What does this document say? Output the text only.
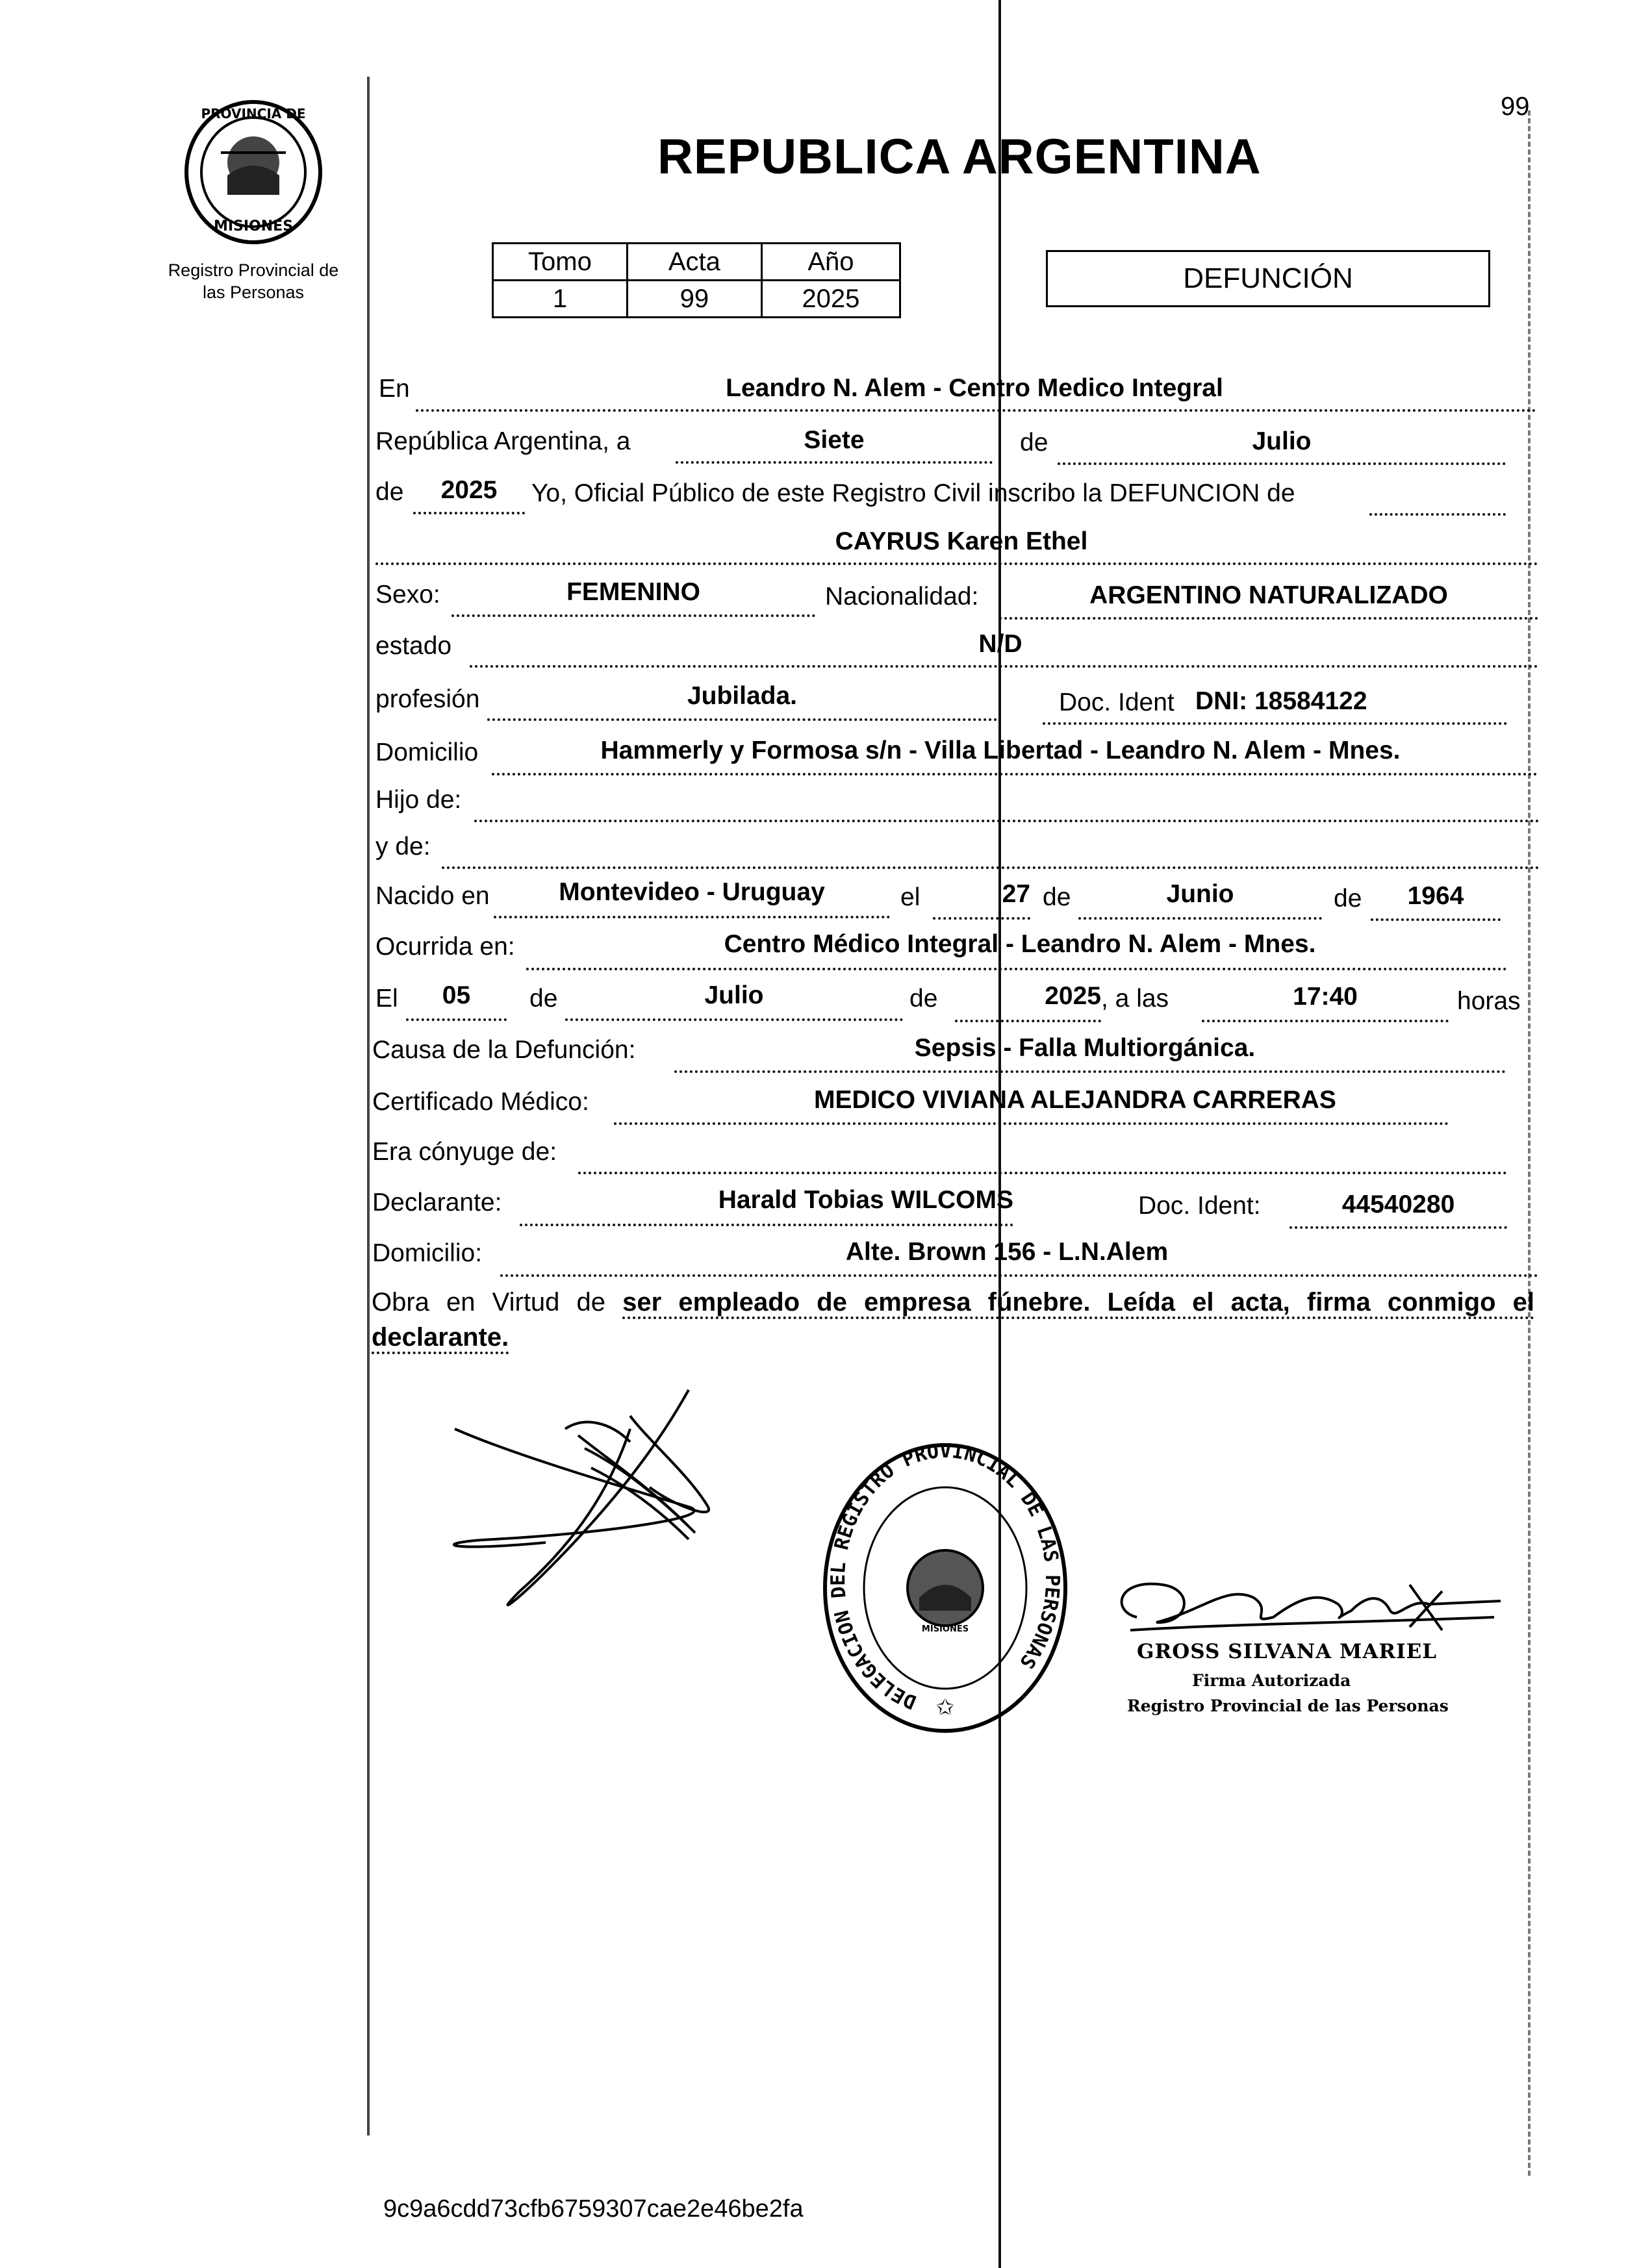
99
PROVINCIA DE
MISIONES
Registro Provincial de
las Personas
REPUBLICA ARGENTINA
Tomo	Acta	Año
1	99	2025
DEFUNCIÓN
En	Leandro N. Alem - Centro Medico Integral
República Argentina, a	Siete	de	Julio
de	2025	Yo, Oficial Público de este Registro Civil inscribo la DEFUNCION de
CAYRUS Karen Ethel
Sexo:	FEMENINO	Nacionalidad:	ARGENTINO NATURALIZADO
estado	N/D
profesión	Jubilada.	Doc. Ident DNI: 18584122
Domicilio	Hammerly y Formosa s/n - Villa Libertad - Leandro N. Alem - Mnes.
Hijo de:
y de:
Nacido en	Montevideo - Uruguay	el	27 de	Junio	de	1964
Ocurrida en:	Centro Médico Integral - Leandro N. Alem - Mnes.
El	05	de	Julio	de	2025 , a las	17:40	horas
Causa de la Defunción:	Sepsis - Falla Multiorgánica.
Certificado Médico:	MEDICO VIVIANA ALEJANDRA CARRERAS
Era cónyuge de:
Declarante:	Harald Tobias WILCOMS	Doc. Ident:	44540280
Domicilio:	Alte. Brown 156 - L.N.Alem
Obra en Virtud de ser empleado de empresa fúnebre. Leída el acta, firma conmigo el declarante.
DELEGACION DEL REGISTRO PROVINCIAL DE LAS PERSONAS
MISIONES
✩
GROSS SILVANA MARIEL
Firma Autorizada
Registro Provincial de las Personas
9c9a6cdd73cfb6759307cae2e46be2fa
